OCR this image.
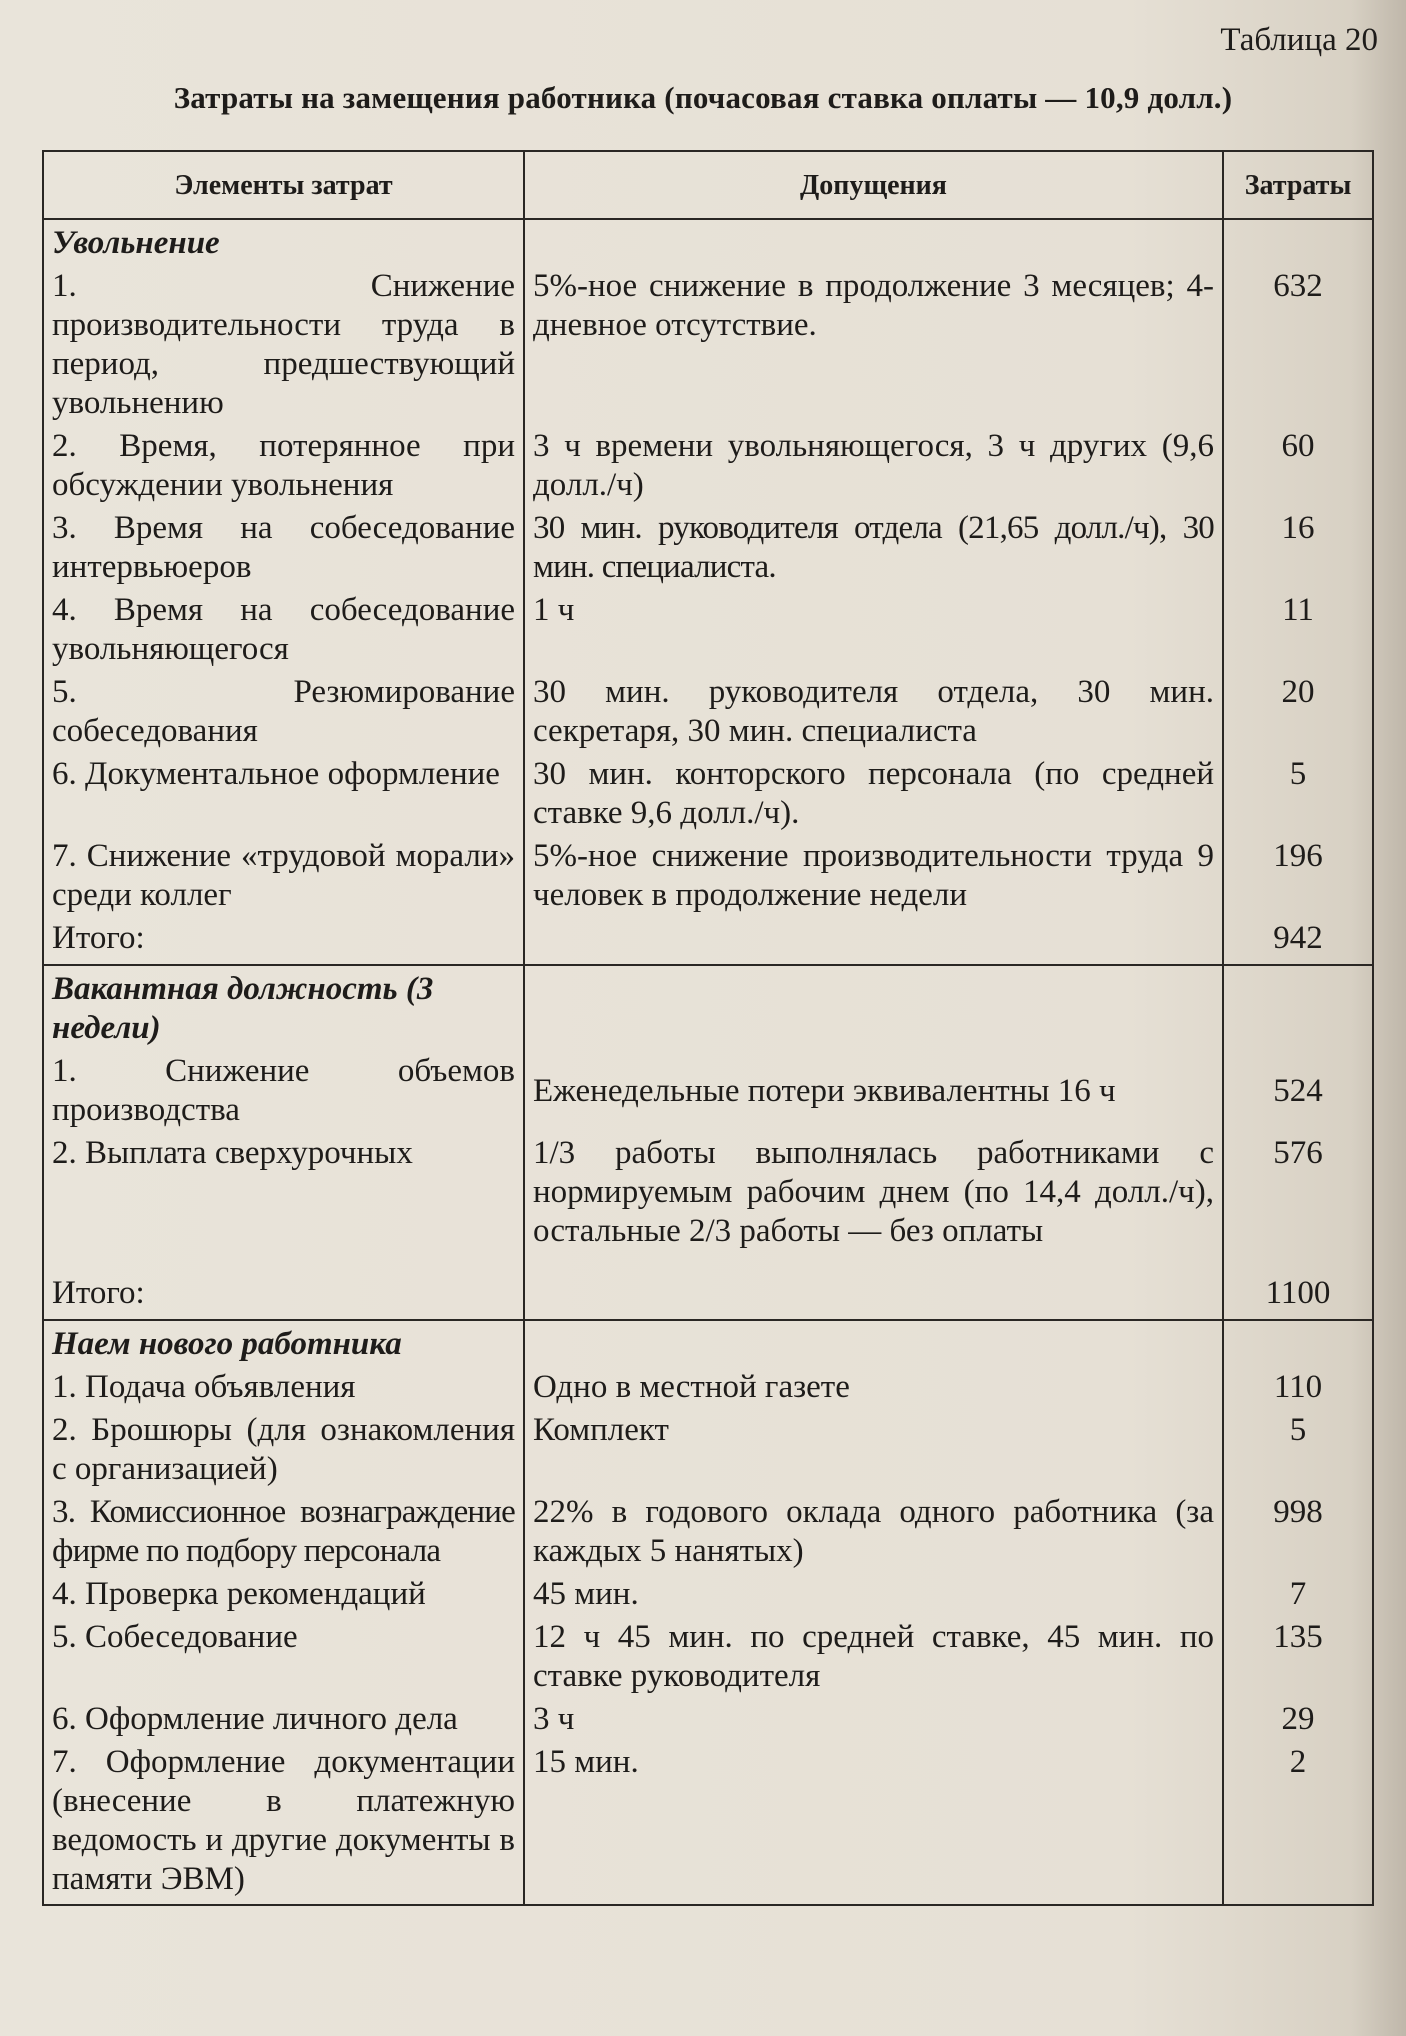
Таблица 20
Затраты на замещения работника (почасовая ставка оплаты — 10,9 долл.)
Элементы затрат	Допущения	Затраты
Увольнение		
1. Снижение производительности труда в период, предшествующий увольнению	5%-ное снижение в продолжение 3 месяцев; 4-дневное отсутствие.	632
2. Время, потерянное при обсуждении увольнения	3 ч времени увольняющегося, 3 ч других (9,6 долл./ч)	60
3. Время на собеседование интервьюеров	30 мин. руководителя отдела (21,65 долл./ч), 30 мин. специалиста.	16
4. Время на собеседование увольняющегося	1 ч	11
5. Резюмирование собеседования	30 мин. руководителя отдела, 30 мин. секретаря, 30 мин. специалиста	20
6. Документальное оформление	30 мин. конторского персонала (по средней ставке 9,6 долл./ч).	5
7. Снижение «трудовой морали» среди коллег	5%-ное снижение производительности труда 9 человек в продолжение недели	196
Итого:		942
Вакантная должность (3 недели)		
1. Снижение объемов производства	Еженедельные потери эквивалентны 16 ч	524
2. Выплата сверхурочных	1/3 работы выполнялась работниками с нормируемым рабочим днем (по 14,4 долл./ч), остальные 2/3 работы — без оплаты	576
Итого:		1100
Наем нового работника		
1. Подача объявления	Одно в местной газете	110
2. Брошюры (для ознакомления с организацией)	Комплект	5
3. Комиссионное вознаграждение фирме по подбору персонала	22% в годового оклада одного работника (за каждых 5 нанятых)	998
4. Проверка рекомендаций	45 мин.	7
5. Собеседование	12 ч 45 мин. по средней ставке, 45 мин. по ставке руководителя	135
6. Оформление личного дела	3 ч	29
7. Оформление документации (внесение в платежную ведомость и другие документы в памяти ЭВМ)	15 мин.	2
